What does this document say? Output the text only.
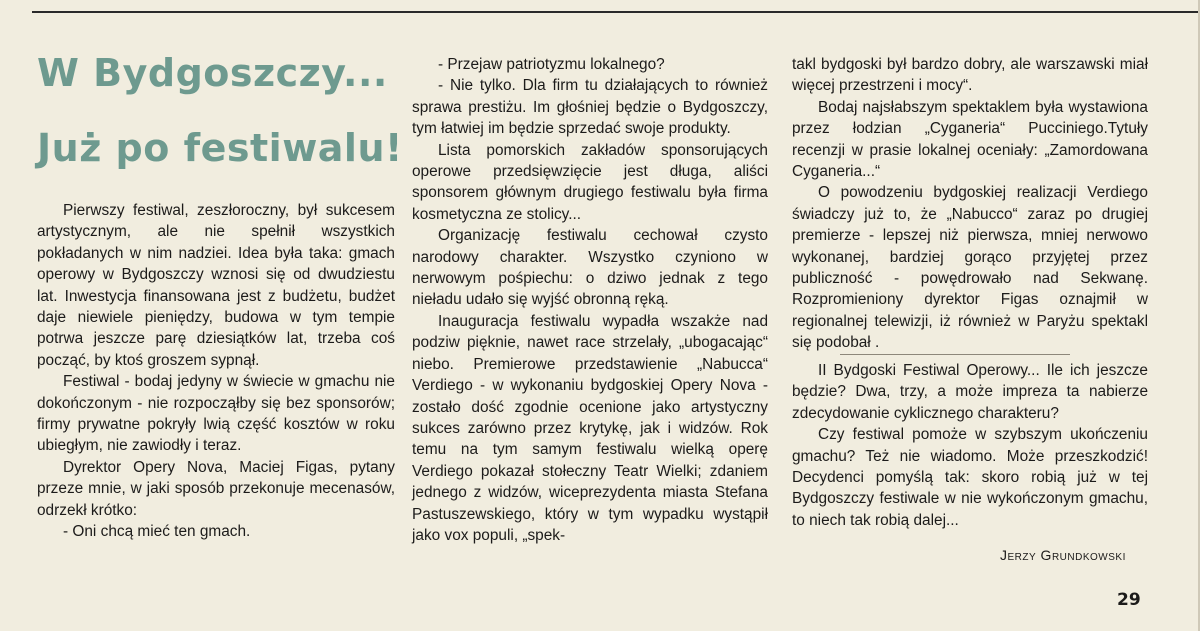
W Bydgoszczy...
Już po festiwalu!

Pierwszy festiwal, zeszłoroczny, był sukcesem artystycznym, ale nie spełnił wszystkich pokładanych w nim nadziei. Idea była taka: gmach operowy w Bydgoszczy wznosi się od dwudziestu lat. Inwestycja finansowana jest z budżetu, budżet daje niewiele pieniędzy, budowa w tym tempie potrwa jeszcze parę dziesiątków lat, trzeba coś począć, by ktoś groszem sypnął.

Festiwal - bodaj jedyny w świecie w gmachu nie dokończonym - nie rozpocząłby się bez sponsorów; firmy prywatne pokryły lwią część kosztów w roku ubiegłym, nie zawiodły i teraz.

Dyrektor Opery Nova, Maciej Figas, pytany przeze mnie, w jaki sposób przekonuje mecenasów, odrzekł krótko:

- Oni chcą mieć ten gmach.

- Przejaw patriotyzmu lokalnego?

- Nie tylko. Dla firm tu działających to również sprawa prestiżu. Im głośniej będzie o Bydgoszczy, tym łatwiej im będzie sprzedać swoje produkty.

Lista pomorskich zakładów sponsorujących operowe przedsięwzięcie jest długa, aliści sponsorem głównym drugiego festiwalu była firma kosmetyczna ze stolicy...

Organizację festiwalu cechował czysto narodowy charakter. Wszystko czyniono w nerwowym pośpiechu: o dziwo jednak z tego nieładu udało się wyjść obronną ręką.

Inauguracja festiwalu wypadła wszakże nad podziw pięknie, nawet race strzelały, „ubogacając“ niebo. Premierowe przedstawienie „Nabucca“ Verdiego - w wykonaniu bydgoskiej Opery Nova - zostało dość zgodnie ocenione jako artystyczny sukces zarówno przez krytykę, jak i widzów. Rok temu na tym samym festiwalu wielką operę Verdiego pokazał stołeczny Teatr Wielki; zdaniem jednego z widzów, wiceprezydenta miasta Stefana Pastuszewskiego, który w tym wypadku wystąpił jako vox populi, „spek-

takl bydgoski był bardzo dobry, ale warszawski miał więcej przestrzeni i mocy“.

Bodaj najsłabszym spektaklem była wystawiona przez łodzian „Cyganeria“ Pucciniego.Tytuły recenzji w prasie lokalnej oceniały: „Zamordowana Cyganeria...“

O powodzeniu bydgoskiej realizacji Verdiego świadczy już to, że „Nabucco“ zaraz po drugiej premierze - lepszej niż pierwsza, mniej nerwowo wykonanej, bardziej gorąco przyjętej przez publiczność - powędrowało nad Sekwanę. Rozpromieniony dyrektor Figas oznajmił w regionalnej telewizji, iż również w Paryżu spektakl się podobał .

II Bydgoski Festiwal Operowy... Ile ich jeszcze będzie? Dwa, trzy, a może impreza ta nabierze zdecydowanie cyklicznego charakteru?

Czy festiwal pomoże w szybszym ukończeniu gmachu? Też nie wiadomo. Może przeszkodzić! Decydenci pomyślą tak: skoro robią już w tej Bydgoszczy festiwale w nie wykończonym gmachu, to niech tak robią dalej...

Jerzy Grundkowski
29
